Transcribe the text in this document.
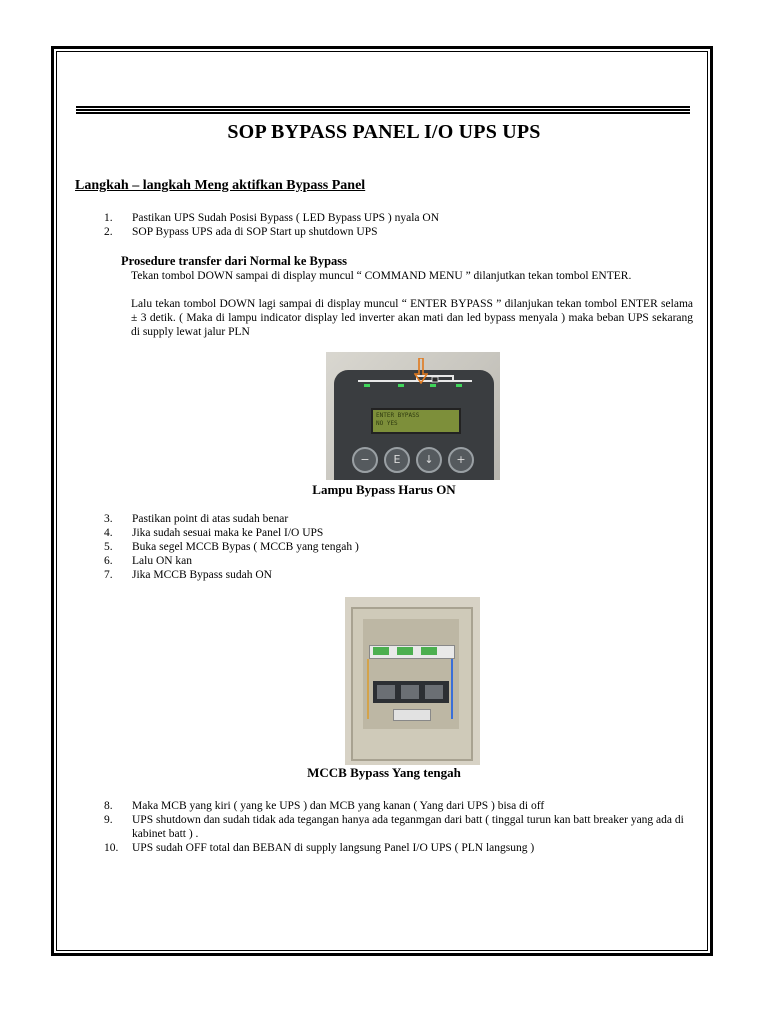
SOP BYPASS PANEL I/O UPS UPS
Langkah – langkah Meng aktifkan Bypass Panel
1.	Pastikan UPS Sudah Posisi Bypass ( LED Bypass UPS ) nyala ON
2.	SOP Bypass UPS ada di SOP Start up shutdown UPS
Prosedure transfer dari Normal ke Bypass
Tekan tombol DOWN sampai di display muncul “ COMMAND MENU ” dilanjutkan tekan tombol ENTER.
Lalu tekan tombol DOWN lagi sampai di display muncul “ ENTER BYPASS ” dilanjukan tekan tombol ENTER selama ± 3 detik. ( Maka di lampu indicator display led inverter akan mati dan led bypass menyala ) maka beban UPS sekarang di supply lewat jalur PLN
ENTER BYPASS
NO YES
−	E	↓	+
Lampu Bypass Harus ON
3.	Pastikan point di atas sudah benar
4.	Jika sudah sesuai maka ke Panel I/O UPS
5.	Buka segel MCCB Bypas ( MCCB yang tengah )
6.	Lalu ON kan
7.	Jika MCCB Bypass sudah ON
MCCB Bypass Yang tengah
8.	Maka MCB yang kiri ( yang ke UPS ) dan MCB yang kanan ( Yang dari UPS ) bisa di off
9.	UPS shutdown dan sudah tidak ada tegangan hanya ada teganmgan dari batt ( tinggal turun kan batt breaker yang ada di kabinet batt ) .
10.	UPS sudah OFF total dan BEBAN di supply langsung Panel I/O UPS ( PLN langsung )
